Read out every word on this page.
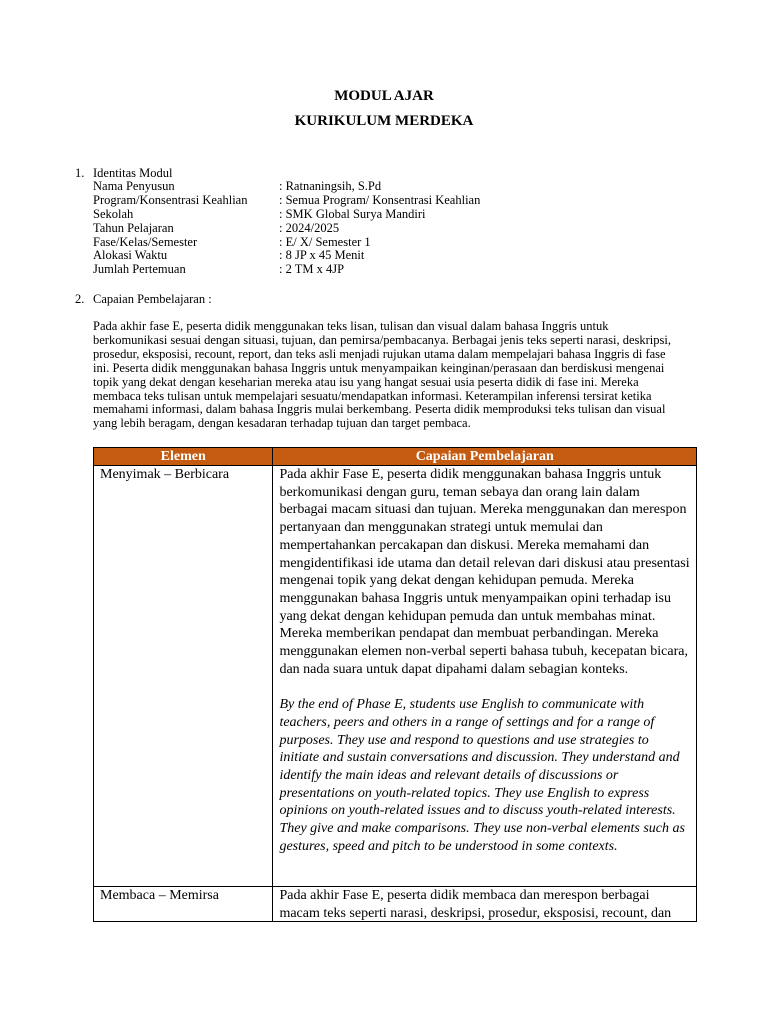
MODUL AJAR
KURIKULUM MERDEKA
1. Identitas Modul
Nama Penyusun	: Ratnaningsih, S.Pd
Program/Konsentrasi Keahlian	: Semua Program/ Konsentrasi Keahlian
Sekolah	: SMK Global Surya Mandiri
Tahun Pelajaran	: 2024/2025
Fase/Kelas/Semester	: E/ X/ Semester 1
Alokasi Waktu	: 8 JP x 45 Menit
Jumlah Pertemuan	: 2 TM x 4JP
2. Capaian Pembelajaran :

Pada akhir fase E, peserta didik menggunakan teks lisan, tulisan dan visual dalam bahasa Inggris untuk berkomunikasi sesuai dengan situasi, tujuan, dan pemirsa/pembacanya. Berbagai jenis teks seperti narasi, deskripsi, prosedur, eksposisi, recount, report, dan teks asli menjadi rujukan utama dalam mempelajari bahasa Inggris di fase ini. Peserta didik menggunakan bahasa Inggris untuk menyampaikan keinginan/perasaan dan berdiskusi mengenai topik yang dekat dengan keseharian mereka atau isu yang hangat sesuai usia peserta didik di fase ini. Mereka membaca teks tulisan untuk mempelajari sesuatu/mendapatkan informasi. Keterampilan inferensi tersirat ketika memahami informasi, dalam bahasa Inggris mulai berkembang. Peserta didik memproduksi teks tulisan dan visual yang lebih beragam, dengan kesadaran terhadap tujuan dan target pembaca.

Elemen	Capaian Pembelajaran
Menyimak – Berbicara	Pada akhir Fase E, peserta didik menggunakan bahasa Inggris untuk berkomunikasi dengan guru, teman sebaya dan orang lain dalam berbagai macam situasi dan tujuan. Mereka menggunakan dan merespon pertanyaan dan menggunakan strategi untuk memulai dan mempertahankan percakapan dan diskusi. Mereka memahami dan mengidentifikasi ide utama dan detail relevan dari diskusi atau presentasi mengenai topik yang dekat dengan kehidupan pemuda. Mereka menggunakan bahasa Inggris untuk menyampaikan opini terhadap isu yang dekat dengan kehidupan pemuda dan untuk membahas minat. Mereka memberikan pendapat dan membuat perbandingan. Mereka menggunakan elemen non-verbal seperti bahasa tubuh, kecepatan bicara, dan nada suara untuk dapat dipahami dalam sebagian konteks.
By the end of Phase E, students use English to communicate with teachers, peers and others in a range of settings and for a range of purposes. They use and respond to questions and use strategies to initiate and sustain conversations and discussion. They understand and identify the main ideas and relevant details of discussions or presentations on youth-related topics. They use English to express opinions on youth-related issues and to discuss youth-related interests. They give and make comparisons. They use non-verbal elements such as gestures, speed and pitch to be understood in some contexts.

Membaca – Memirsa	Pada akhir Fase E, peserta didik membaca dan merespon berbagai macam teks seperti narasi, deskripsi, prosedur, eksposisi, recount, dan
